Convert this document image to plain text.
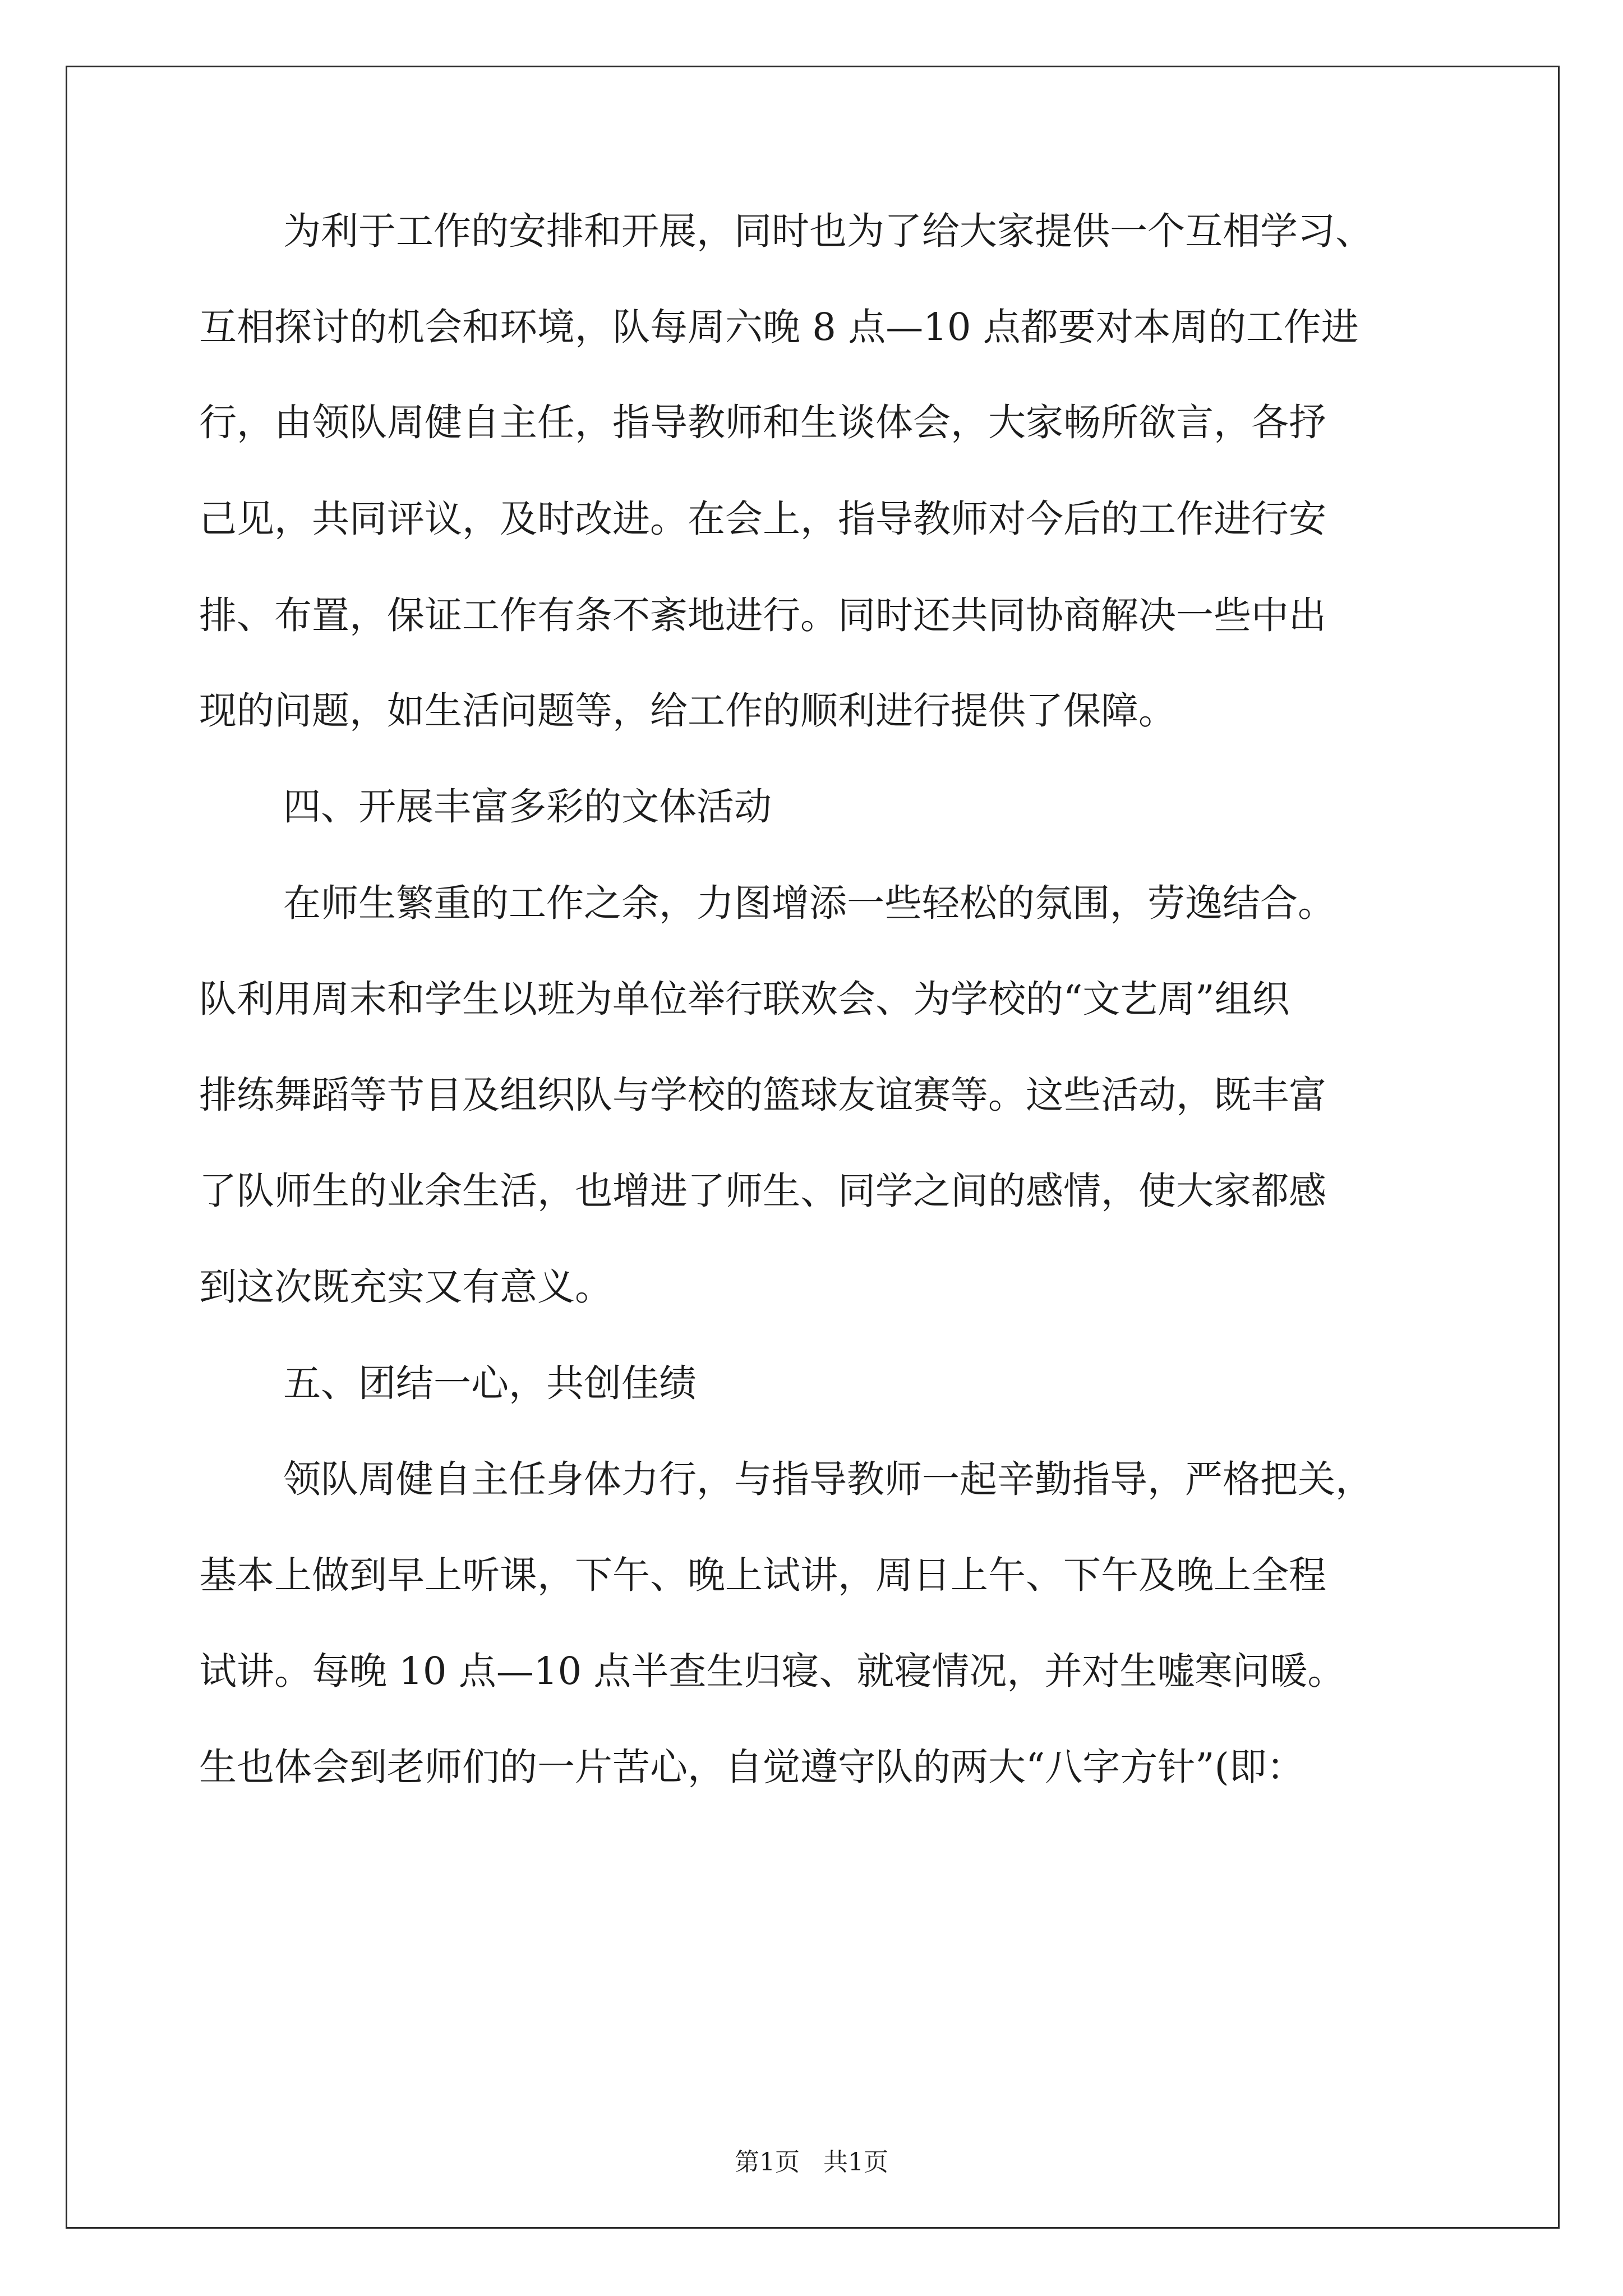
为利于工作的安排和开展，同时也为了给大家提供一个互相学习、
互相探讨的机会和环境，队每周六晚 8 点—10 点都要对本周的工作进
行，由领队周健自主任，指导教师和生谈体会，大家畅所欲言，各抒
己见，共同评议，及时改进。在会上，指导教师对今后的工作进行安
排、布置，保证工作有条不紊地进行。同时还共同协商解决一些中出
现的问题，如生活问题等，给工作的顺利进行提供了保障。
四、开展丰富多彩的文体活动
在师生繁重的工作之余，力图增添一些轻松的氛围，劳逸结合。
队利用周末和学生以班为单位举行联欢会、为学校的“文艺周”组织
排练舞蹈等节目及组织队与学校的篮球友谊赛等。这些活动，既丰富
了队师生的业余生活，也增进了师生、同学之间的感情，使大家都感
到这次既充实又有意义。
五、团结一心，共创佳绩
领队周健自主任身体力行，与指导教师一起辛勤指导，严格把关，
基本上做到早上听课，下午、晚上试讲，周日上午、下午及晚上全程
试讲。每晚 10 点—10 点半查生归寝、就寝情况，并对生嘘寒问暖。
生也体会到老师们的一片苦心，自觉遵守队的两大“八字方针”(即：
第1页 共1页
